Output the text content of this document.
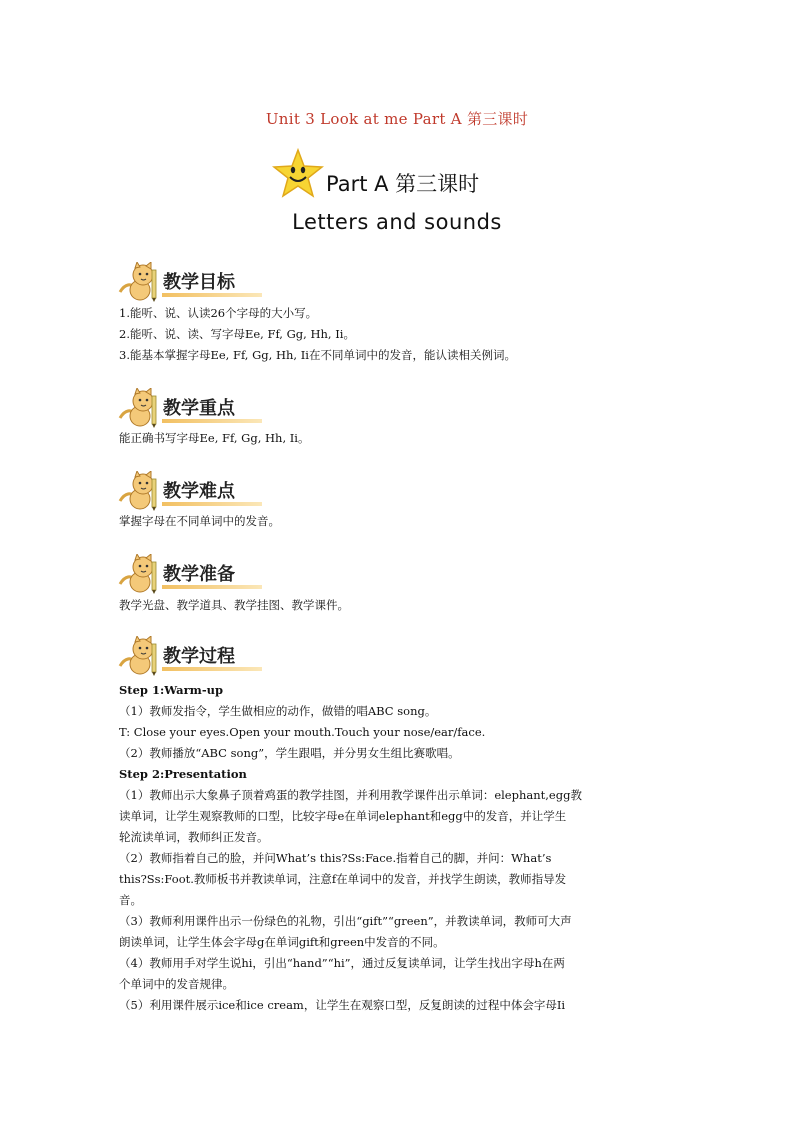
Unit 3 Look at me Part A 第三课时
Part A 第三课时
Letters and sounds
教学目标

1.能听、说、认读26个字母的大小写。

2.能听、说、读、写字母Ee, Ff, Gg, Hh, Ii。

3.能基本掌握字母Ee, Ff, Gg, Hh, Ii在不同单词中的发音，能认读相关例词。

教学重点

能正确书写字母Ee, Ff, Gg, Hh, Ii。

教学难点

掌握字母在不同单词中的发音。

教学准备

教学光盘、教学道具、教学挂图、教学课件。

教学过程

Step 1:Warm-up

（1）教师发指令，学生做相应的动作，做错的唱ABC song。

T: Close your eyes.Open your mouth.Touch your nose/ear/face.

（2）教师播放“ABC song”，学生跟唱，并分男女生组比赛歌唱。

Step 2:Presentation

（1）教师出示大象鼻子顶着鸡蛋的教学挂图，并利用教学课件出示单词：elephant,egg教

读单词，让学生观察教师的口型，比较字母e在单词elephant和egg中的发音，并让学生

轮流读单词，教师纠正发音。

（2）教师指着自己的脸，并问What’s this?Ss:Face.指着自己的脚，并问：What’s

this?Ss:Foot.教师板书并教读单词，注意f在单词中的发音，并找学生朗读，教师指导发

音。

（3）教师利用课件出示一份绿色的礼物，引出“gift”“green”，并教读单词，教师可大声

朗读单词，让学生体会字母g在单词gift和green中发音的不同。

（4）教师用手对学生说hi，引出“hand”“hi”，通过反复读单词，让学生找出字母h在两

个单词中的发音规律。

（5）利用课件展示ice和ice cream，让学生在观察口型，反复朗读的过程中体会字母Ii
